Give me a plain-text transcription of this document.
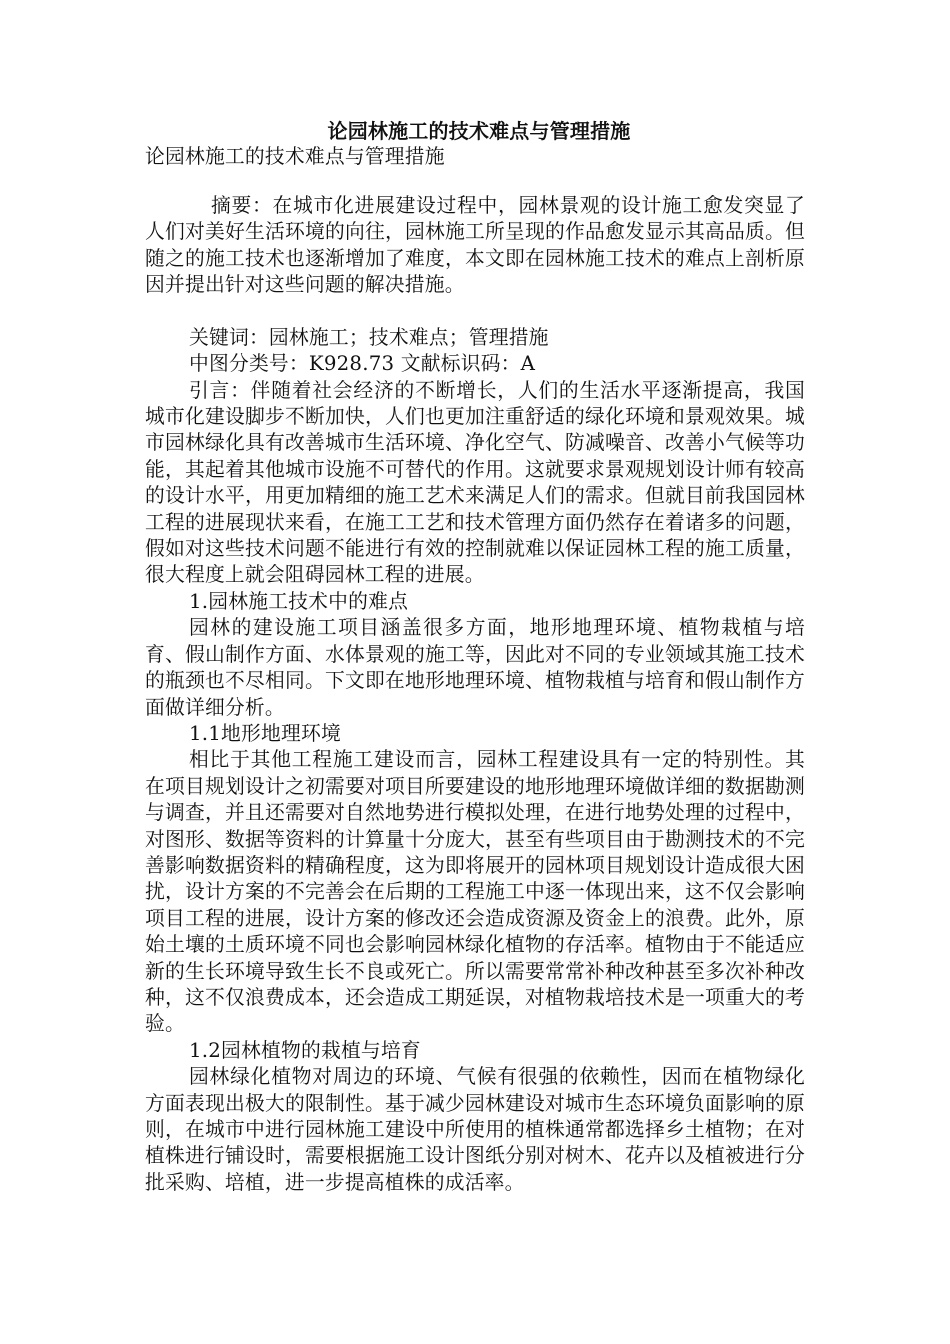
论园林施工的技术难点与管理措施

论园林施工的技术难点与管理措施

摘要：在城市化进展建设过程中，园林景观的设计施工愈发突显了人们对美好生活环境的向往，园林施工所呈现的作品愈发显示其高品质。但随之的施工技术也逐渐增加了难度，本文即在园林施工技术的难点上剖析原因并提出针对这些问题的解决措施。

关键词：园林施工；技术难点；管理措施

中图分类号：K928.73 文献标识码：A

引言：伴随着社会经济的不断增长，人们的生活水平逐渐提高，我国城市化建设脚步不断加快，人们也更加注重舒适的绿化环境和景观效果。城市园林绿化具有改善城市生活环境、净化空气、防减噪音、改善小气候等功能，其起着其他城市设施不可替代的作用。这就要求景观规划设计师有较高的设计水平，用更加精细的施工艺术来满足人们的需求。但就目前我国园林工程的进展现状来看，在施工工艺和技术管理方面仍然存在着诸多的问题，假如对这些技术问题不能进行有效的控制就难以保证园林工程的施工质量，很大程度上就会阻碍园林工程的进展。

1.园林施工技术中的难点

园林的建设施工项目涵盖很多方面，地形地理环境、植物栽植与培育、假山制作方面、水体景观的施工等，因此对不同的专业领域其施工技术的瓶颈也不尽相同。下文即在地形地理环境、植物栽植与培育和假山制作方面做详细分析。

1.1地形地理环境

相比于其他工程施工建设而言，园林工程建设具有一定的特别性。其在项目规划设计之初需要对项目所要建设的地形地理环境做详细的数据勘测与调查，并且还需要对自然地势进行模拟处理，在进行地势处理的过程中，对图形、数据等资料的计算量十分庞大，甚至有些项目由于勘测技术的不完善影响数据资料的精确程度，这为即将展开的园林项目规划设计造成很大困扰，设计方案的不完善会在后期的工程施工中逐一体现出来，这不仅会影响项目工程的进展，设计方案的修改还会造成资源及资金上的浪费。此外，原始土壤的土质环境不同也会影响园林绿化植物的存活率。植物由于不能适应新的生长环境导致生长不良或死亡。所以需要常常补种改种甚至多次补种改种，这不仅浪费成本，还会造成工期延误，对植物栽培技术是一项重大的考验。

1.2园林植物的栽植与培育

园林绿化植物对周边的环境、气候有很强的依赖性，因而在植物绿化方面表现出极大的限制性。基于减少园林建设对城市生态环境负面影响的原则，在城市中进行园林施工建设中所使用的植株通常都选择乡土植物；在对植株进行铺设时，需要根据施工设计图纸分别对树木、花卉以及植被进行分批采购、培植，进一步提高植株的成活率。
